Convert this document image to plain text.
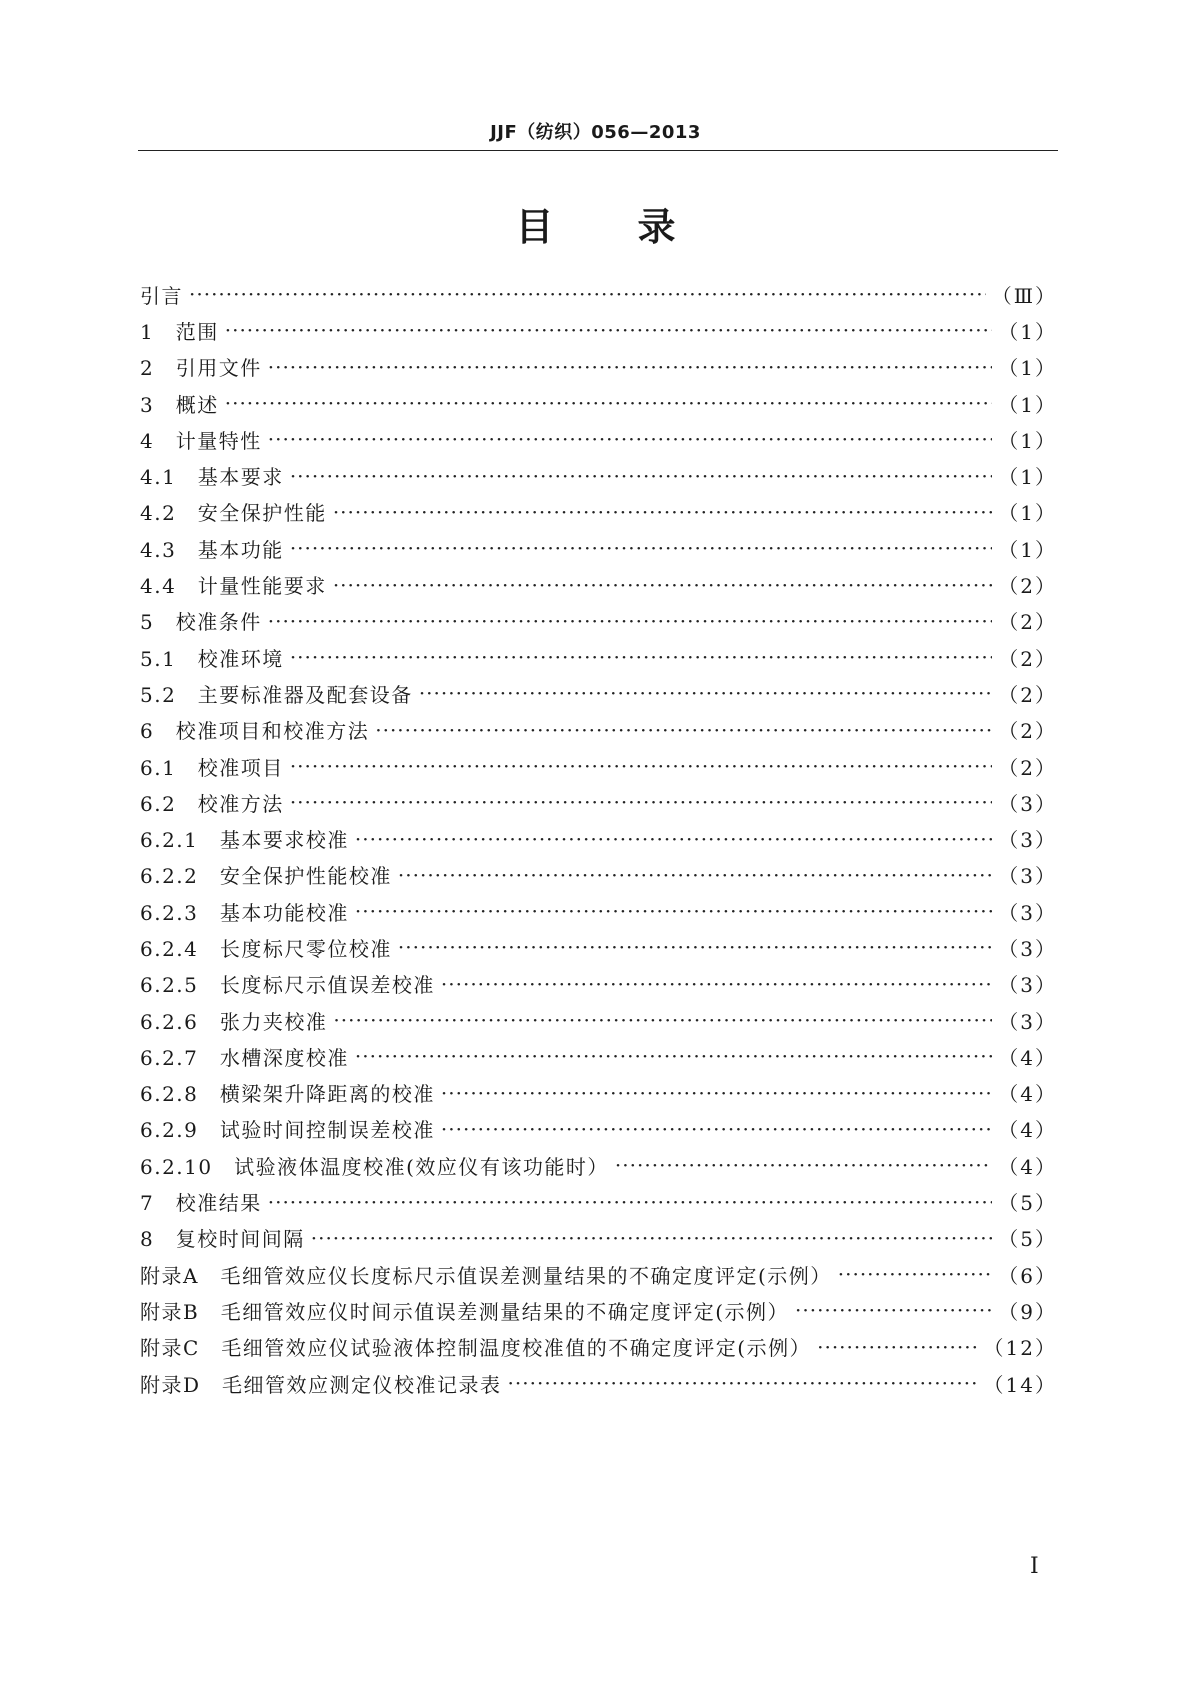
JJF（纺织）056—2013
目 录
引言 ·····	（Ⅲ）
1　范围 ·····	（1）
2　引用文件 ·····	（1）
3　概述 ·····	（1）
4　计量特性 ·····	（1）
4.1　基本要求 ·····	（1）
4.2　安全保护性能 ·····	（1）
4.3　基本功能 ·····	（1）
4.4　计量性能要求 ·····	（2）
5　校准条件 ·····	（2）
5.1　校准环境 ·····	（2）
5.2　主要标准器及配套设备 ·····	（2）
6　校准项目和校准方法 ·····	（2）
6.1　校准项目 ·····	（2）
6.2　校准方法 ·····	（3）
6.2.1　基本要求校准 ·····	（3）
6.2.2　安全保护性能校准 ·····	（3）
6.2.3　基本功能校准 ·····	（3）
6.2.4　长度标尺零位校准 ·····	（3）
6.2.5　长度标尺示值误差校准 ·····	（3）
6.2.6　张力夹校准 ·····	（3）
6.2.7　水槽深度校准 ·····	（4）
6.2.8　横梁架升降距离的校准 ·····	（4）
6.2.9　试验时间控制误差校准 ·····	（4）
6.2.10　试验液体温度校准(效应仪有该功能时） ·····	（4）
7　校准结果 ·····	（5）
8　复校时间间隔 ·····	（5）
附录A　毛细管效应仪长度标尺示值误差测量结果的不确定度评定(示例） ·····	（6）
附录B　毛细管效应仪时间示值误差测量结果的不确定度评定(示例） ·····	（9）
附录C　毛细管效应仪试验液体控制温度校准值的不确定度评定(示例） ·····	（12）
附录D　毛细管效应测定仪校准记录表 ·····	（14）
Ⅰ
